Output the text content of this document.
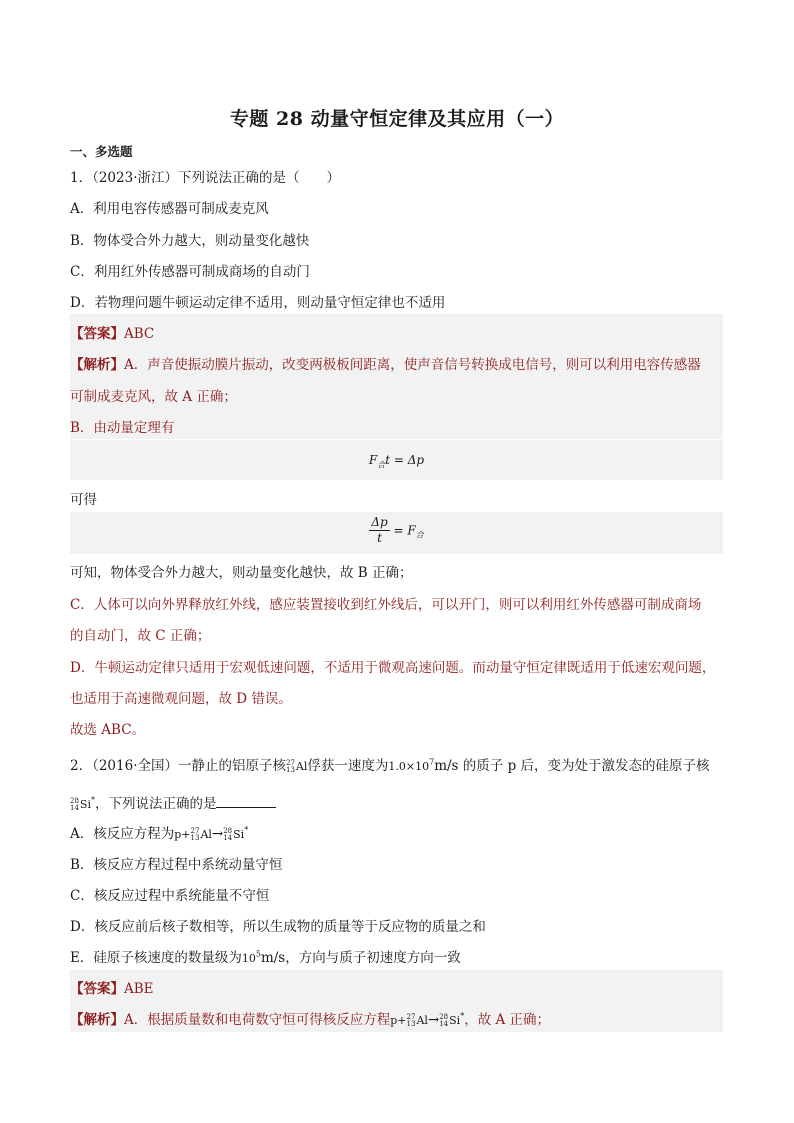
专题 28 动量守恒定律及其应用（一）
一、多选题
1．（2023·浙江）下列说法正确的是（　　）
A．利用电容传感器可制成麦克风
B．物体受合外力越大，则动量变化越快
C．利用红外传感器可制成商场的自动门
D．若物理问题牛顿运动定律不适用，则动量守恒定律也不适用
【答案】ABC
【解析】A．声音使振动膜片振动，改变两极板间距离，使声音信号转换成电信号，则可以利用电容传感器
可制成麦克风，故 A 正确；
B．由动量定理有
$F_合t = \Delta p$
可得
$\frac{\Delta p}{t} = F_合$
可知，物体受合外力越大，则动量变化越快，故 B 正确；
C．人体可以向外界释放红外线，感应装置接收到红外线后，可以开门，则可以利用红外传感器可制成商场
的自动门，故 C 正确；
D．牛顿运动定律只适用于宏观低速问题，不适用于微观高速问题。而动量守恒定律既适用于低速宏观问题，
也适用于高速微观问题，故 D 错误。
故选 ABC。
2．（2016·全国）一静止的铝原子核27
13Al俘获一速度为$1.0\times 10^7m/s$ 的质子 p 后，变为处于激发态的硅原子核
28
14Si*，下列说法正确的是
A．核反应方程为p+27
13Al→28
14Si*
B．核反应方程过程中系统动量守恒
C．核反应过程中系统能量不守恒
D．核反应前后核子数相等，所以生成物的质量等于反应物的质量之和
E．硅原子核速度的数量级为$10^5m/s$，方向与质子初速度方向一致
【答案】ABE
【解析】A．根据质量数和电荷数守恒可得核反应方程p+27
13Al→28
14Si*，故 A 正确；
